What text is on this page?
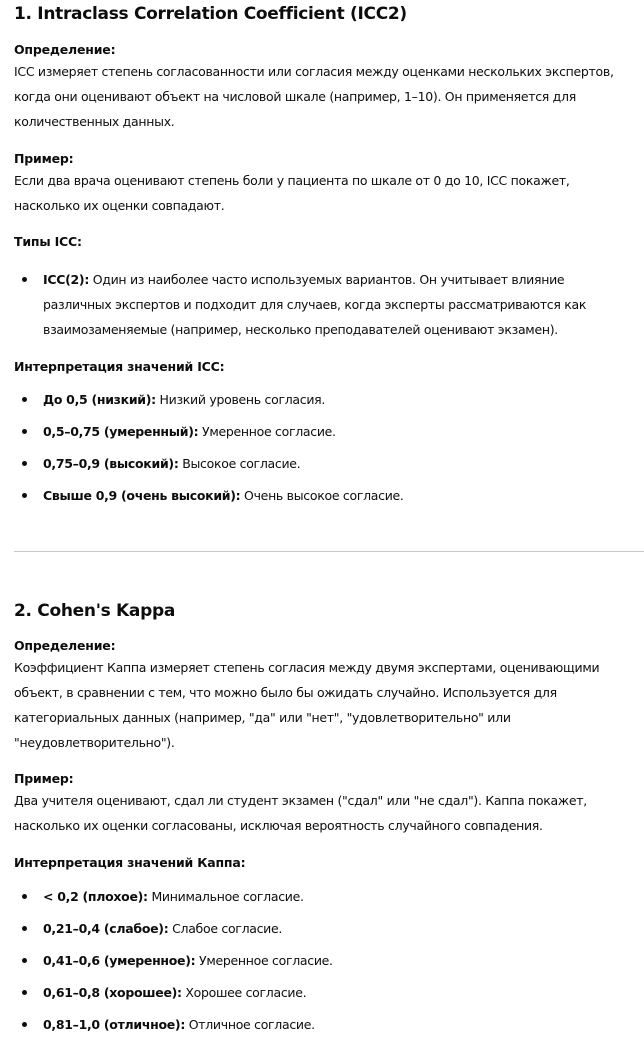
1. Intraclass Correlation Coefficient (ICC2)

Определение:

ICC измеряет степень согласованности или согласия между оценками нескольких экспертов,
когда они оценивают объект на числовой шкале (например, 1–10). Он применяется для
количественных данных.

Пример:

Если два врача оценивают степень боли у пациента по шкале от 0 до 10, ICC покажет,
насколько их оценки совпадают.

Типы ICC:

ICC(2): Один из наиболее часто используемых вариантов. Он учитывает влияние
различных экспертов и подходит для случаев, когда эксперты рассматриваются как
взаимозаменяемые (например, несколько преподавателей оценивают экзамен).

Интерпретация значений ICC:

До 0,5 (низкий): Низкий уровень согласия.
0,5–0,75 (умеренный): Умеренное согласие.
0,75–0,9 (высокий): Высокое согласие.
Свыше 0,9 (очень высокий): Очень высокое согласие.
2. Cohen's Kappa

Определение:

Коэффициент Каппа измеряет степень согласия между двумя экспертами, оценивающими
объект, в сравнении с тем, что можно было бы ожидать случайно. Используется для
категориальных данных (например, "да" или "нет", "удовлетворительно" или
"неудовлетворительно").

Пример:

Два учителя оценивают, сдал ли студент экзамен ("сдал" или "не сдал"). Каппа покажет,
насколько их оценки согласованы, исключая вероятность случайного совпадения.

Интерпретация значений Каппа:

< 0,2 (плохое): Минимальное согласие.
0,21–0,4 (слабое): Слабое согласие.
0,41–0,6 (умеренное): Умеренное согласие.
0,61–0,8 (хорошее): Хорошее согласие.
0,81–1,0 (отличное): Отличное согласие.
